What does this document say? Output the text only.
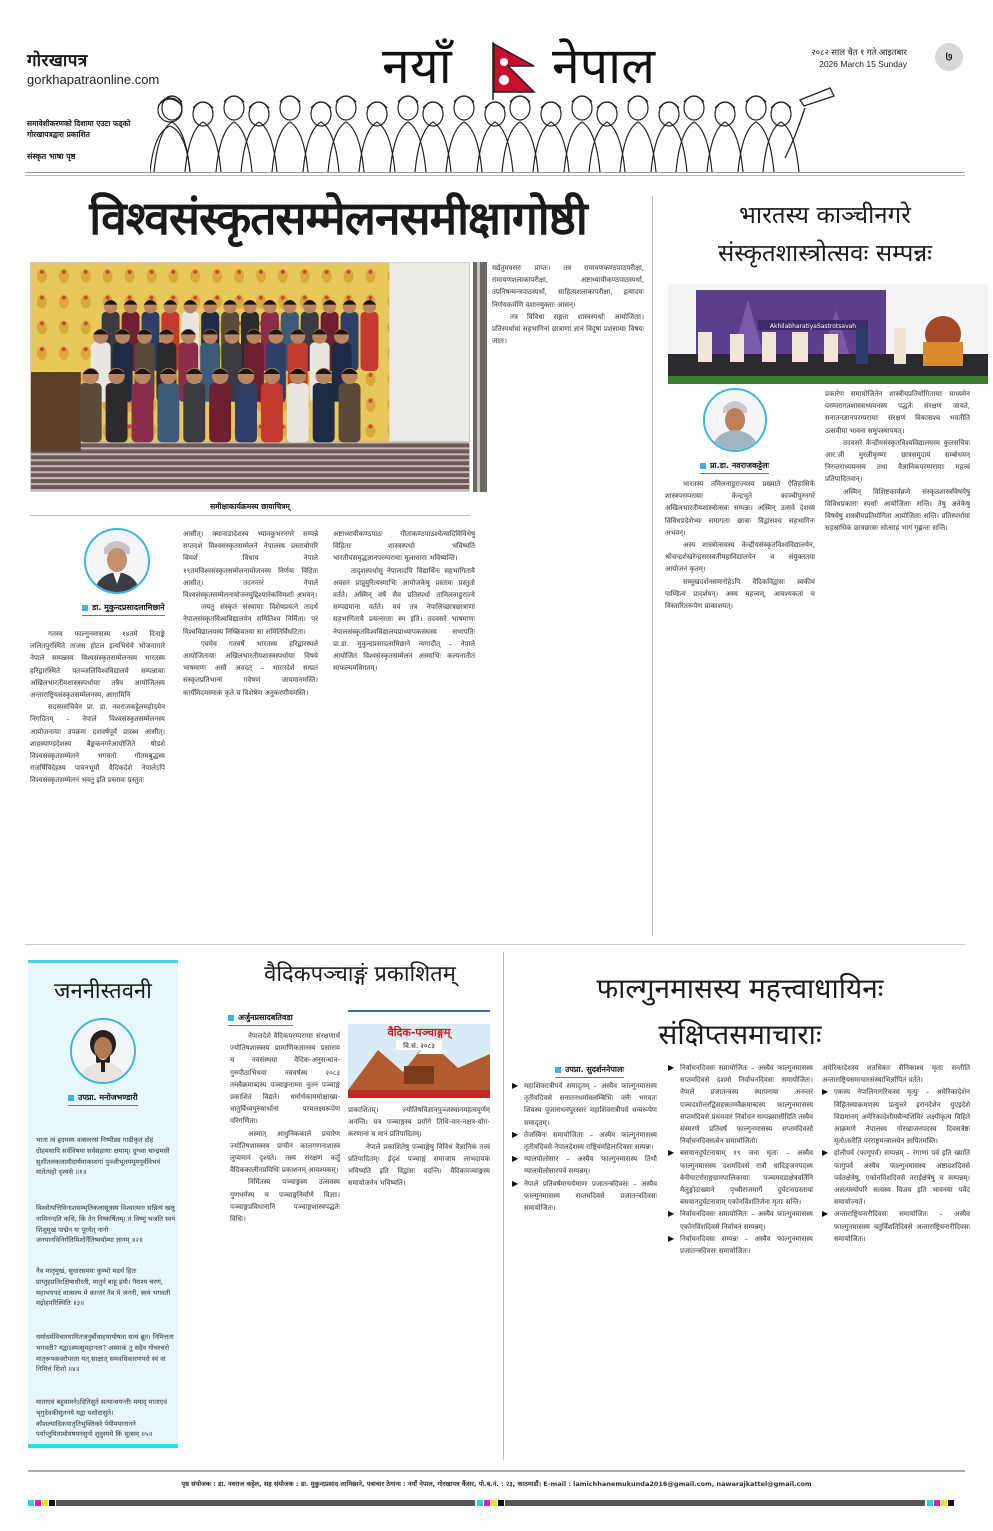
गोरखापत्र
gorkhapatraonline.com
समावेशीकरणको दिशामा एउटा फड्को गोरखापत्रद्वारा प्रकाशित
संस्कृत भाषा पृष्ठ
नयाँ नेपाल	२०८२ साल चैत १ गते आइतबार
2026 March 15 Sunday	७
विश्वसंस्कृतसम्मेलनसमीक्षागोष्ठी
समीक्षाकार्यक्रमस्य छायाचित्रम्
डा. मुकुन्दप्रसादलामिछाने

गतस्य फाल्गुनमासस्य १४तमे दिनाङ्के ललितपुरस्थिते ताजस होटल इत्यभिधेये भोजनागारे नेपाले सम्पन्नस्य विश्वसंस्कृतसम्मेलनस्य भारतस्य हरिद्वारस्थिते पतञ्जलिविश्वविद्यालये सम्पन्नायाः अखिलभारतीयशास्त्रस्पर्धायाः तत्रैव आयोजितस्य अन्ताराष्ट्रियसंस्कृतसम्मेलनस्य, आगामिनि

सदस्यसचिवेन प्रा. डा. नवराजकट्टेलमहोदयेन निगदितम् – नेपाले विश्वसंस्कृतसम्मेलनस्य आयोजनायाः उपक्रमः दशवर्षपूर्वं प्रारब्ध आसीत्। शाहस्याण्डदेशस्य बैङ्ककनगरेआयोजिते षोडशे विश्वसंस्कृतसम्मेलने भगवतो गौतमबुद्धस्य राजर्षिविदेहस्य पावनभूमौ वैदिकदेशे नेपालेऽपि विश्वसंस्कृतसम्मेलनं भवतु इति प्रस्तावः प्रस्तुतः

आसीत्। क्यानाडादेशस्य भ्यानकुभरनगरे सम्पन्ने सप्तदशे विश्वसंस्कृतसम्मेलने नेपालस्य प्रस्तावोपरि विमर्शं विधाय नेपाले १९तमविश्वसंस्कृतसम्मेलनायोजनस्य निर्णयः विहितः आसीत्। तदनन्तरं नेपाले विश्वसंस्कृतसम्मेलनायोजनमुद्दिश्यानेकविमर्शाः अभवन्।

जयतु संस्कृतं संस्थायाः विशेषप्रयत्ने तादर्थं नेपालसंस्कृतविश्वविद्यालयेन समितिश्च निर्मिता। परं विश्वविद्यालयस्य निष्क्रियतया सा समितिर्विघटिता।

एवमेव गतवर्षे भारतस्य हरिद्वारस्थले आयोजितायाः अखिलभारतीयशास्त्रस्पर्धायाः विषये भाषमाणः असौ अवदत् – भारतदेशे सम्प्रतं संस्कृतप्रतिभानां गवेषणं जायमानमस्ति। कार्यमिदमस्माकं कृते च विशेषेण अनुकरणीयमस्ति।

अष्टाध्यायीकण्ठपाठः गीताकण्ठपाठश्चेत्यादिविविधेषु विहिताः शास्त्रस्पर्धाः भविष्यति भारतीयसमृद्धज्ञानपरम्परायाः मूलाधाराः भविष्यन्ति।

तादृशस्पर्धासु नेपालादपि विद्यार्थिनः सहभागितायै अवसरं प्राप्नुयुरित्यस्माभिः आयोजकेषु प्रस्तावः प्रस्तुतो वर्तते। अस्मिन् वर्षे सैव प्रतिस्पर्धा तामिलनाडुराज्ये सम्पद्यमाना वर्तते। वयं तत्र नेपालिच्छात्रछात्राणां सहभागितायै प्रयत्नरताः स्म इति। तदवसरे भाषमाणः नेपालसंस्कृतविश्वविद्यालयप्राध्यापकसंघस्य सभापतिः प्रा.डा. मुकुन्दप्रसादलामिछाने न्यगादीत् – नेपाले आयोजितं विश्वसंस्कृतसम्मेलनं अस्माभिः कल्पनातीतं साफल्यमधिगतम्।

यद्येतुमवसरः प्राप्तः। तत्र रामायणकण्ठपाठपरीक्षा, रामायणशलाकापरीक्षा, अष्टाध्यायीकण्ठपाठस्पर्धा, उपनिषन्मन्त्रपाठस्पर्धा, साहित्यशलाकापरीक्षा, इत्यादयः निर्णयकर्मणि वशानयुक्ताः आसन्।

तत्र विविधा सङ्गता शास्त्रस्पर्धाः आयोजिताः। प्रतिस्पर्धायां सहभागिनां छात्राणां ज्ञानं विदुषां प्रशंसायाः विषयः जातः।

भारतस्य काञ्चीनगरे
संस्कृतशास्त्रोत्सवः सम्पन्नः
AkhilabharatiyaSastrotsavah
प्रा.डा. नवराजकट्टेलः

भारतस्य तमिलनाडुराज्यस्य प्रख्याते ऐतिहासिके शास्त्रपरम्परायाः केन्द्रभूते काञ्चीपुरनगरे अखिलभारतीयशास्त्रोत्सवः सम्पन्नः। अस्मिन् उत्सवे देशस्य विविधप्रदेशेभ्यः समागताः छात्राः विद्वांसश्च सहभागिनः अभवन्।

अस्य शास्त्रोत्सवस्य केन्द्रीयसंस्कृतविश्वविद्यालयेन, श्रीचन्द्रशेखरेन्द्रसरस्वतीमहाविद्यालयेन च संयुक्ततया आयोजनं कृतम्।

सम्मुखदर्शनसमारोहेऽपि वैदिकविद्वांसः स्वकीयं पाण्डित्यं प्रादर्शयन्। अस्य महत्त्वम्, आवश्यकतां च विस्तारितरूपेण प्राकाशयत्।

प्रकारेण समायोजितेन शास्त्रीयप्रतियोगितायाः माध्यमेन परम्परागतशास्त्राध्ययनस्य पद्धतेः संरक्षणं जायते, सनातनज्ञानपरम्परायाः संरक्षणं विकासश्च भवतीति उत्सवीया भावना समुपस्थापयत्।

तदवसरे केन्द्रीयसंस्कृतविश्वविद्यालयस्य कुलसचिवः आर.जी मुरलीकृष्णः छात्रसमुदायं सम्बोधयन् निरन्तराध्ययनस्य तथा वैज्ञानिकपरम्परायाः महत्त्वं प्रतिपादितवान्।

अस्मिन् विशिष्टकार्यक्रमे संस्कृतशास्त्रविषयेषु विविधप्रकाराः स्पर्धाः आयोजिताः सन्ति। तेषु अनेकेषु विषयेषु शास्त्रीयप्रतियोगिता आयोजिताः सन्ति। प्रतिस्पर्धायां सहस्राधिकं छात्रछात्राः सोत्साहं भागं गृह्णन्तः सन्ति।

जननीस्तवनी
उपप्रा. मनोजभण्डारी
भाता त्वं हृदयस्य वत्सलरसं निष्पीड्य गाढीकृतं दोहं दोहमथापि सर्वविषया सर्वसहायाः क्षमाम्। दुग्ध्वा चान्द्रमसी सुशीतलकलामौदार्यमाकाशगां पुञ्जीभूतममूमपूर्वविभवं मातेत्यहो दृश्यसे ॥१॥
विश्वोत्पत्तिविनाशसम्भृतिकलासूत्रस्य विश्वात्मनः सन्नित्यं खलु नामिनन्दति कथि, किं तेन निष्कर्षितम्। तं विष्णुं भजति स्वयं शिशुमुखं पाद्मेन यः पूरयेत् नानो जनयानविनिर्गतिमिशोर्नैतिष्वयोम्या ज्ञानम् ॥२॥
नैव मातृमुखं, सुधारसमयः कुम्भो मदर्थं हितः प्राप्तुहप्रतिरक्षिषाधीरती, मातुर्न बाहू इमौ। नैराश्य चरणं, महाभयपदं वात्सल्य मे कान्तरं नैव मे जननी, स्वयं भगवती मद्रोहपरिस्थिति ॥३॥
धर्माधर्मविचारयायितजनुर्बोधाहयायोषता सत्यं ब्रूत। निमित्तता भगवती? यद्वाऽस्मत्सुमहानता? अस्माकं तु सदैव गोचरचरो मातृरूपकवरोपरता यत् साक्षात् समवधिकारणपरो स्वं वा निमित्तं शिशो ॥४॥
माताएवं बहुवामनेऽदितिसुते सत्यान्धयन्तीः ममाद् माताएवं भृगुदेवकीसुतनये यद्वा यशोदासुते। कौशल्यादिकयातृतिभुक्तिकरे पेयीमयानानने पर्याप्तुयितामोयषयनसुनो शुवुस्यमे किं सुत्सम् ॥५॥
वैदिकपञ्चाङ्गं प्रकाशितम्
अर्जुनप्रसादबतिवडा
वैदिक-पञ्चाङ्गम्
वि.सं. २०८३

नेपालदेशे वैदिकपरम्परायाः संरक्षणार्थं ज्योतिषशास्त्रस्य प्रामाणिकज्ञानस्य प्रसाराय च नवसंस्थया वैदिक-अनुसन्धान-गुरुपीठाभिधया नववर्षस्य २०८३ तमवैक्रमाब्दस्य पञ्चाङ्गनाम्ना नूतनं पञ्चाङ्गं प्रकाशितं विद्यते। धर्मार्थकाममोक्षाख्य-चातुर्विध्यपुरुषार्थानां परमलक्ष्यरूपेण परिगणिता।

अस्मात् आधुनिककाले प्रचारेण ज्योतिषशास्त्रस्य प्राचीनं कालगणनाशास्त्रं लुप्यमानं दृश्यते। तस्य संरक्षणं कर्तुं वैदिककालीनप्रविधिः प्रकाशनम् आवश्यकम्।

निर्मितस्य पञ्चाङ्गस्य उत्सवस्य गुणधर्मस्य च पञ्चाङ्गनिर्माणे विज्ञाः। पञ्चाङ्गप्रविधानानि पञ्चाङ्गशास्त्रपद्धतेः विधिः।

प्राकाशितम्। ज्योतिषविज्ञानपुञ्जस्थानमहत्वपूर्णम् अनन्ति। यत्र पञ्चाङ्गस्य प्रयोगे तिथि-वार-नक्षत्र-योग-करणानां च मानं प्रतिपादितम्।

नेपाले प्रकाशितेषु पञ्चाङ्गेषु विविधं वैज्ञानिकं तत्त्वं प्रतिपादितम्। ईदृशं पञ्चाङ्गं समाजाय लाभदायकं भविष्यति इति विद्वांसः वदन्ति। वैदिकपञ्चाङ्गस्य समायोजनेन भविष्यति।

फाल्गुनमासस्य महत्त्वाधायिनः
संक्षिप्तसमाचाराः
उपप्रा. सुदर्शननेपालः
▶ महाशिवरात्रीपर्व समादृतम् – अस्यैव फाल्गुनमासस्य तृतीयदिवसे सनातनधर्मावलम्बिभिः जनैः भगवतः शिवस्य पूजाराधनपुरस्सरं महाशिवरात्रीपर्व धन्यरूपेण समादृतम्।
▶ तेजस्विनः समायोजिताः – अस्यैव फाल्गुनमासस्य तृतीयदिवसे नेपालदेशस्य राष्ट्रियमहिलादिवसः सम्पन्नः।
▶ ग्यालपोलोसार – अस्यैव फाल्गुनमासस्य तिथौ ग्यालपोलोसारपर्व सम्पन्नम्।
▶ नेपाले प्रतिवर्षमाचर्यमाणः प्रजातन्त्रदिवसः – अस्यैव फाल्गुनमासस्य सप्तमदिवसे प्रजातन्त्रदिवसः समायोजितः।
▶ निर्वाचनदिवसः समायोजितः – अस्यैव फाल्गुनमासस्य सप्तमदिवसे दशमो निर्वाचनदिवसः समायोजितः। नेपाले प्रजातन्त्रस्य स्थापनाया अनन्तरं पञ्चदशोत्तरद्विसहस्रतमवैक्रमाब्दस्य फाल्गुनमासस्य सप्तमदिवसे प्रथमवारं निर्वाचनं सम्पन्नमासीदिति तस्यैव संस्मरणे प्रतिवर्षं फाल्गुनमासस्य सप्तमदिवसो निर्वाचनदिवसत्वेन समायोजितो।
▶ बसयानदुर्घटनायाम् १९ जना मृताः – अस्यैव फाल्गुनमासस्य दशमदिवसे रात्रौ धादिङ्जनपदस्य बेनीघाटरोराङ्गग्रामपालिकायाः पञ्चमवडाक्षेत्रवर्तिनि मैलुङ्गोदाख्याने पृथ्वीराजमार्गे दुर्घटनाग्रस्तायां बसयानदुर्घटनायाम् एकोनविंशतिर्जना मृताः सन्ति।
▶ निर्वाचनदिवसः समायोजितः – अस्यैव फाल्गुनमासस्य एकोनविंशदिवसे निर्वाचनं सम्पन्नम्।
▶ निर्वाचनदिवसः सम्पन्नः – अस्यैव फाल्गुनमासस्य प्रजातन्त्रदिवसः समायोजितः।

अमेरिकादेशस्य शतधिकाः सैनिकाश्च मृताः सन्तीति अन्ताराष्ट्रियसमाचारसंस्थाभिर्ज्ञापितं वर्तते।

▶ एकस्य नेपालिनागरिकस्य मृत्युः – अमेरिकादेशेन विहितस्याक्रमणस्य प्रत्युत्तरे इरानदेशेन युएइदेशे विद्यमानम् अमेरिकादेशीयसैन्यशिविरं लक्ष्यीकृत्य विहिते आक्रमणे नेपालस्य गोरखाजनपदस्य दिवसत्रेष्ठः मृतोऽस्तीति परराष्ट्रमन्त्रालयेन ज्ञापितमस्ति।
▶ होलीपर्व (फागुपर्व) सम्पन्नम् – रंगाणां पर्व इति ख्यातिं फागुपर्व अस्यैव फाल्गुनमासस्य अष्टादशदिवसे पर्वतक्षेत्रेषु, एकोनविंशदिवसे तराईक्षेत्रेषु च सम्पन्नम्। असत्यस्योपरि सत्यस्य विजय इति भावनया पर्वेदं समायोज्यते।
▶ अन्ताराष्ट्रियनारीदिवसः समायोजितः – अस्यैव फाल्गुनमासस्य चतुर्विंशतिदिवसे अन्ताराष्ट्रियनारीदिवसः समायोजितः।
पृष्ठ संयोजक : डा. नवराज कट्टेल, सह संयोजक : डा. मुकुन्दप्रसाद लामिछाने, पत्राचार ठेगाना : नयाँ नेपाल, गोरखापत्र कैंसर, पो.ब.नं. : २३, काठमाडौं। E-mail : lamichhanemukunda2016@gmail.com, nawarajkattel@gmail.com
